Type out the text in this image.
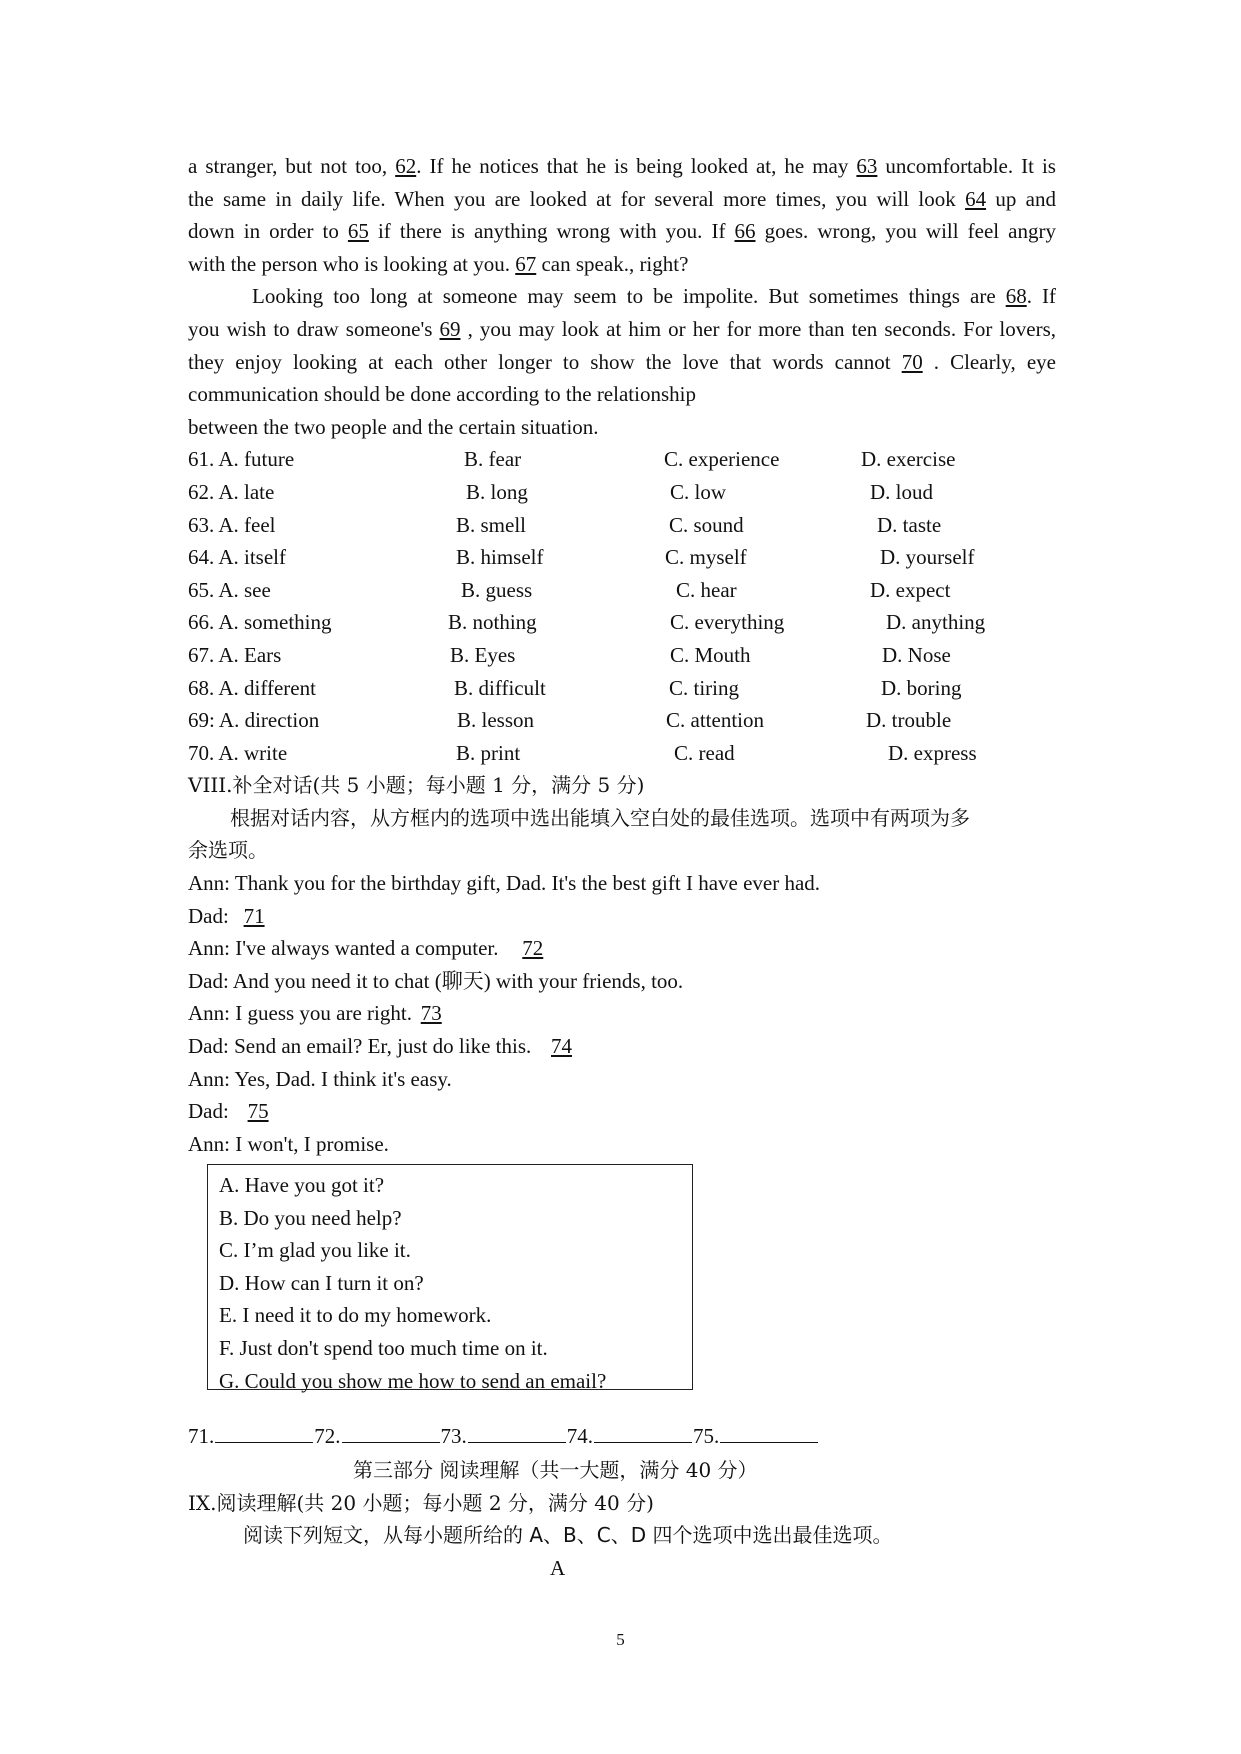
a stranger, but not too, 62. If he notices that he is being looked at, he may 63 uncomfortable. It is
the same in daily life. When you are looked at for several more times, you will look 64 up and
down in order to 65 if there is anything wrong with you. If 66 goes. wrong, you will feel angry
with the person who is looking at you. 67 can speak., right?
Looking too long at someone may seem to be impolite. But sometimes things are 68. If
you wish to draw someone's 69 , you may look at him or her for more than ten seconds. For lovers,
they enjoy looking at each other longer to show the love that words cannot 70 . Clearly, eye
communication should be done according to the relationship
between the two people and the certain situation.
61. A. future	B. fear	C. experience	D. exercise
62. A. late	B. long	C. low	D. loud
63. A. feel	B. smell	C. sound	D. taste
64. A. itself	B. himself	C. myself	D. yourself
65. A. see	B. guess	C. hear	D. expect
66. A. something	B. nothing	C. everything	D. anything
67. A. Ears	B. Eyes	C. Mouth	D. Nose
68. A. different	B. difficult	C. tiring	D. boring
69: A. direction	B. lesson	C. attention	D. trouble
70. A. write	B. print	C. read	D. express
VIII.补全对话(共 5 小题；每小题 1 分，满分 5 分)
根据对话内容，从方框内的选项中选出能填入空白处的最佳选项。选项中有两项为多
余选项。
Ann: Thank you for the birthday gift, Dad. It's the best gift I have ever had.
Dad: 71
Ann: I've always wanted a computer. 72
Dad: And you need it to chat (聊天) with your friends, too.
Ann: I guess you are right. 73
Dad: Send an email? Er, just do like this. 74
Ann: Yes, Dad. I think it's easy.
Dad: 75
Ann: I won't, I promise.
A. Have you got it?
B. Do you need help?
C. I’m glad you like it.
D. How can I turn it on?
E. I need it to do my homework.
F. Just don't spend too much time on it.
G. Could you show me how to send an email?
71.	72.	73.	74.	75.
第三部分 阅读理解（共一大题，满分 40 分）
IX.阅读理解(共 20 小题；每小题 2 分，满分 40 分)
阅读下列短文，从每小题所给的 A、B、C、D 四个选项中选出最佳选项。
A
5
